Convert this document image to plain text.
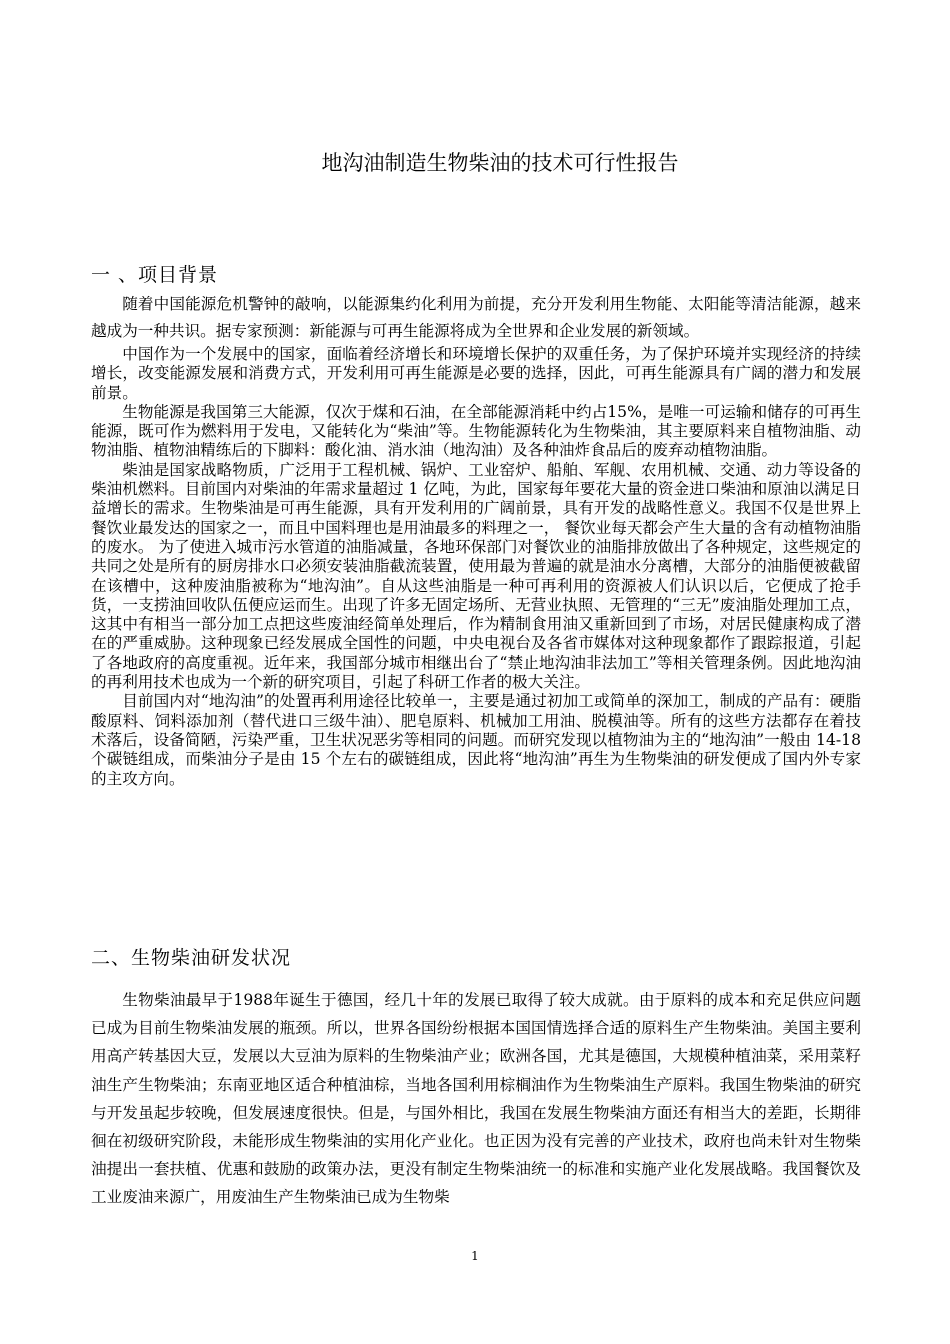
地沟油制造生物柴油的技术可行性报告
一 、项目背景

随着中国能源危机警钟的敲响，以能源集约化利用为前提，充分开发利用生物能、太阳能等清洁能源，越来越成为一种共识。据专家预测：新能源与可再生能源将成为全世界和企业发展的新领域。

中国作为一个发展中的国家，面临着经济增长和环境增长保护的双重任务，为了保护环境并实现经济的持续增长，改变能源发展和消费方式，开发利用可再生能源是必要的选择，因此，可再生能源具有广阔的潜力和发展前景。

生物能源是我国第三大能源，仅次于煤和石油，在全部能源消耗中约占15%，是唯一可运输和储存的可再生能源，既可作为燃料用于发电，又能转化为“柴油”等。生物能源转化为生物柴油，其主要原料来自植物油脂、动物油脂、植物油精练后的下脚料：酸化油、消水油（地沟油）及各种油炸食品后的废弃动植物油脂。

柴油是国家战略物质，广泛用于工程机械、锅炉、工业窑炉、船舶、军舰、农用机械、交通、动力等设备的柴油机燃料。目前国内对柴油的年需求量超过 1 亿吨，为此，国家每年要花大量的资金进口柴油和原油以满足日益增长的需求。生物柴油是可再生能源，具有开发利用的广阔前景，具有开发的战略性意义。我国不仅是世界上餐饮业最发达的国家之一，而且中国料理也是用油最多的料理之一， 餐饮业每天都会产生大量的含有动植物油脂的废水。 为了使进入城市污水管道的油脂减量，各地环保部门对餐饮业的油脂排放做出了各种规定，这些规定的共同之处是所有的厨房排水口必须安装油脂截流装置，使用最为普遍的就是油水分离槽，大部分的油脂便被截留在该槽中，这种废油脂被称为“地沟油”。自从这些油脂是一种可再利用的资源被人们认识以后，它便成了抢手货，一支捞油回收队伍便应运而生。出现了许多无固定场所、无营业执照、无管理的“三无”废油脂处理加工点，这其中有相当一部分加工点把这些废油经简单处理后，作为精制食用油又重新回到了市场，对居民健康构成了潜在的严重威胁。这种现象已经发展成全国性的问题，中央电视台及各省市媒体对这种现象都作了跟踪报道，引起了各地政府的高度重视。近年来，我国部分城市相继出台了“禁止地沟油非法加工”等相关管理条例。因此地沟油的再利用技术也成为一个新的研究项目，引起了科研工作者的极大关注。

目前国内对“地沟油”的处置再利用途径比较单一，主要是通过初加工或简单的深加工，制成的产品有：硬脂酸原料、饲料添加剂（替代进口三级牛油）、肥皂原料、机械加工用油、脱模油等。所有的这些方法都存在着技术落后，设备简陋，污染严重，卫生状况恶劣等相同的问题。而研究发现以植物油为主的“地沟油”一般由 14-18 个碳链组成，而柴油分子是由 15 个左右的碳链组成，因此将“地沟油”再生为生物柴油的研发便成了国内外专家的主攻方向。

二、生物柴油研发状况

生物柴油最早于1988年诞生于德国，经几十年的发展已取得了较大成就。由于原料的成本和充足供应问题已成为目前生物柴油发展的瓶颈。所以，世界各国纷纷根据本国国情选择合适的原料生产生物柴油。美国主要利用高产转基因大豆，发展以大豆油为原料的生物柴油产业；欧洲各国，尤其是德国，大规模种植油菜，采用菜籽油生产生物柴油；东南亚地区适合种植油棕，当地各国利用棕榈油作为生物柴油生产原料。我国生物柴油的研究与开发虽起步较晚，但发展速度很快。但是，与国外相比，我国在发展生物柴油方面还有相当大的差距，长期徘徊在初级研究阶段，未能形成生物柴油的实用化产业化。也正因为没有完善的产业技术，政府也尚未针对生物柴油提出一套扶植、优惠和鼓励的政策办法，更没有制定生物柴油统一的标准和实施产业化发展战略。我国餐饮及工业废油来源广，用废油生产生物柴油已成为生物柴

1
